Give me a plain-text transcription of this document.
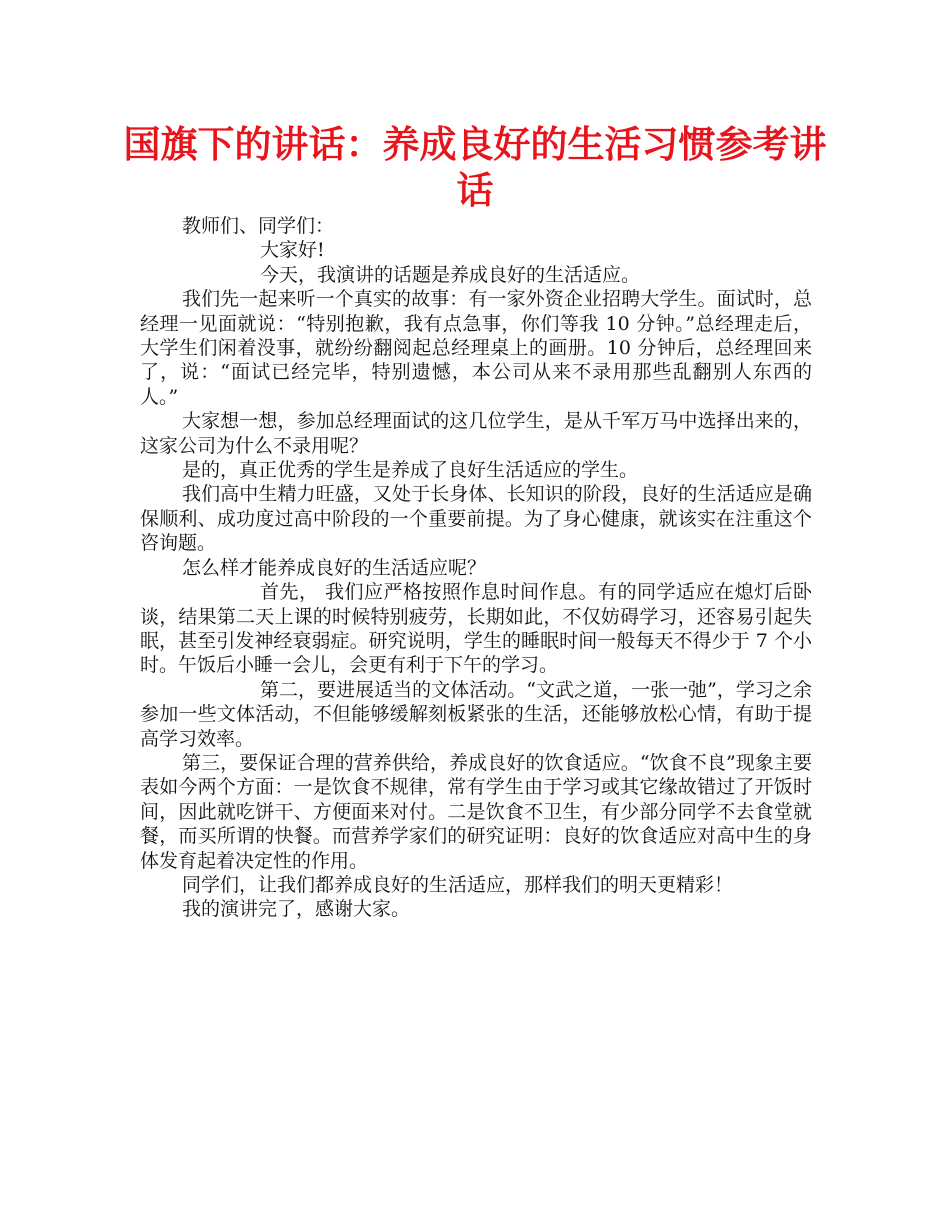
国旗下的讲话：养成良好的生活习惯参考讲话

教师们、同学们：

大家好!

今天，我演讲的话题是养成良好的生活适应。

我们先一起来听一个真实的故事：有一家外资企业招聘大学生。面试时，总经理一见面就说：“特别抱歉，我有点急事，你们等我 10 分钟。”总经理走后，大学生们闲着没事，就纷纷翻阅起总经理桌上的画册。10 分钟后，总经理回来了，说：“面试已经完毕，特别遗憾，本公司从来不录用那些乱翻别人东西的人。”

大家想一想，参加总经理面试的这几位学生，是从千军万马中选择出来的，这家公司为什么不录用呢？

是的，真正优秀的学生是养成了良好生活适应的学生。

我们高中生精力旺盛，又处于长身体、长知识的阶段，良好的生活适应是确保顺利、成功度过高中阶段的一个重要前提。为了身心健康，就该实在注重这个咨询题。

怎么样才能养成良好的生活适应呢？

首先， 我们应严格按照作息时间作息。有的同学适应在熄灯后卧谈，结果第二天上课的时候特别疲劳，长期如此，不仅妨碍学习，还容易引起失眠，甚至引发神经衰弱症。研究说明，学生的睡眠时间一般每天不得少于 7 个小时。午饭后小睡一会儿，会更有利于下午的学习。

第二，要进展适当的文体活动。“文武之道，一张一弛”，学习之余参加一些文体活动，不但能够缓解刻板紧张的生活，还能够放松心情，有助于提高学习效率。

第三，要保证合理的营养供给，养成良好的饮食适应。“饮食不良”现象主要表如今两个方面：一是饮食不规律，常有学生由于学习或其它缘故错过了开饭时间，因此就吃饼干、方便面来对付。二是饮食不卫生，有少部分同学不去食堂就餐，而买所谓的快餐。而营养学家们的研究证明：良好的饮食适应对高中生的身体发育起着决定性的作用。

同学们，让我们都养成良好的生活适应，那样我们的明天更精彩！

我的演讲完了，感谢大家。
